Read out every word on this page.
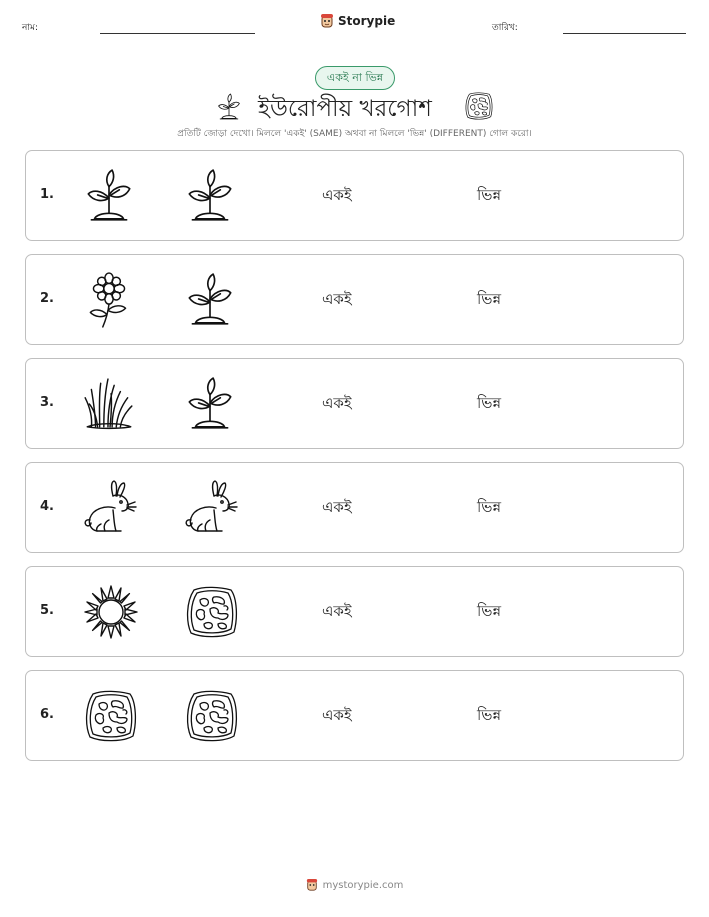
নাম:	Storypie	তারিখ:
একই না ভিন্ন
ইউরোপীয় খরগোশ
প্রতিটি জোড়া দেখো। মিললে 'একই' (SAME) অথবা না মিললে 'ভিন্ন' (DIFFERENT) গোল করো।
1.	একই	ভিন্ন
2.	একই	ভিন্ন
3.	একই	ভিন্ন
4.	একই	ভিন্ন
5.	একই	ভিন্ন
6.	একই	ভিন্ন
mystorypie.com
